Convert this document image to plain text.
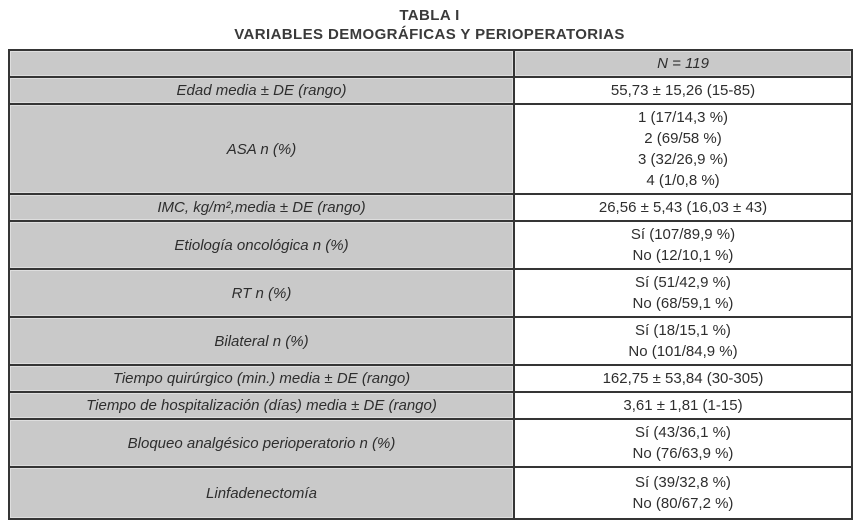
TABLA I
VARIABLES DEMOGRÁFICAS Y PERIOPERATORIAS
	N = 119
Edad media ± DE (rango)	55,73 ± 15,26 (15-85)

ASA n (%)	1 (17/14,3 %)
2 (69/58 %)
3 (32/26,9 %)
4 (1/0,8 %)

IMC, kg/m²,media ± DE (rango)	26,56 ± 5,43 (16,03 ± 43)

Etiología oncológica n (%)	Sí (107/89,9 %)
No (12/10,1 %)

RT n (%)	Sí (51/42,9 %)
No (68/59,1 %)

Bilateral n (%)	Sí (18/15,1 %)
No (101/84,9 %)

Tiempo quirúrgico (min.) media ± DE (rango)	162,75 ± 53,84 (30-305)

Tiempo de hospitalización (días) media ± DE (rango)	3,61 ± 1,81 (1-15)

Bloqueo analgésico perioperatorio n (%)	Sí (43/36,1 %)
No (76/63,9 %)

Linfadenectomía	Sí (39/32,8 %)
No (80/67,2 %)
